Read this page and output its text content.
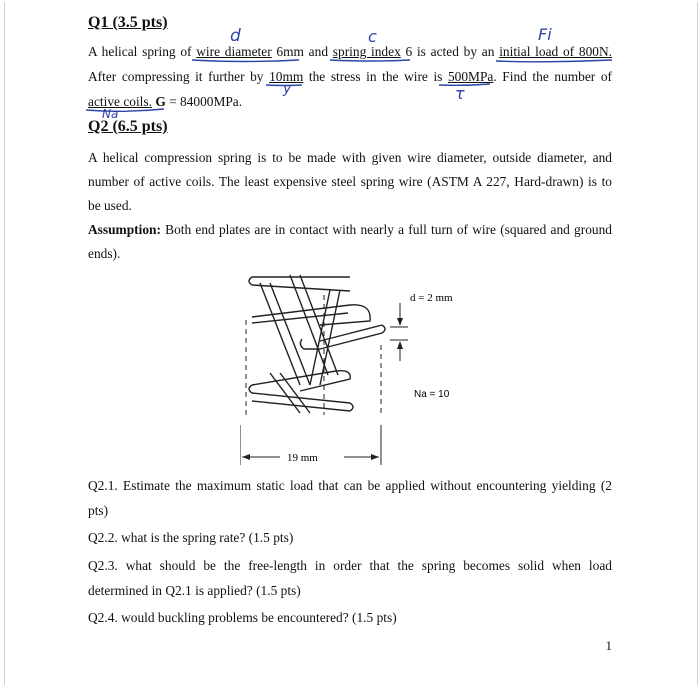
Q1 (3.5 pts)
A helical spring of wire diameter 6mm and spring index 6 is acted by an initial load of 800N.
After compressing it further by 10mm the stress in the wire is 500MPa. Find the number of
active coils. G = 84000MPa.
d	c	Fi
y	τ
Na
Q2 (6.5 pts)
A helical compression spring is to be made with given wire diameter, outside diameter, and
number of active coils. The least expensive steel spring wire (ASTM A 227, Hard-drawn) is to
be used.
Assumption: Both end plates are in contact with nearly a full turn of wire (squared and ground
ends).
19 mm
d = 2 mm
Na = 10
Q2.1. Estimate the maximum static load that can be applied without encountering yielding (2
pts)
Q2.2. what is the spring rate? (1.5 pts)
Q2.3. what should be the free-length in order that the spring becomes solid when load
determined in Q2.1 is applied? (1.5 pts)
Q2.4. would buckling problems be encountered? (1.5 pts)
1
